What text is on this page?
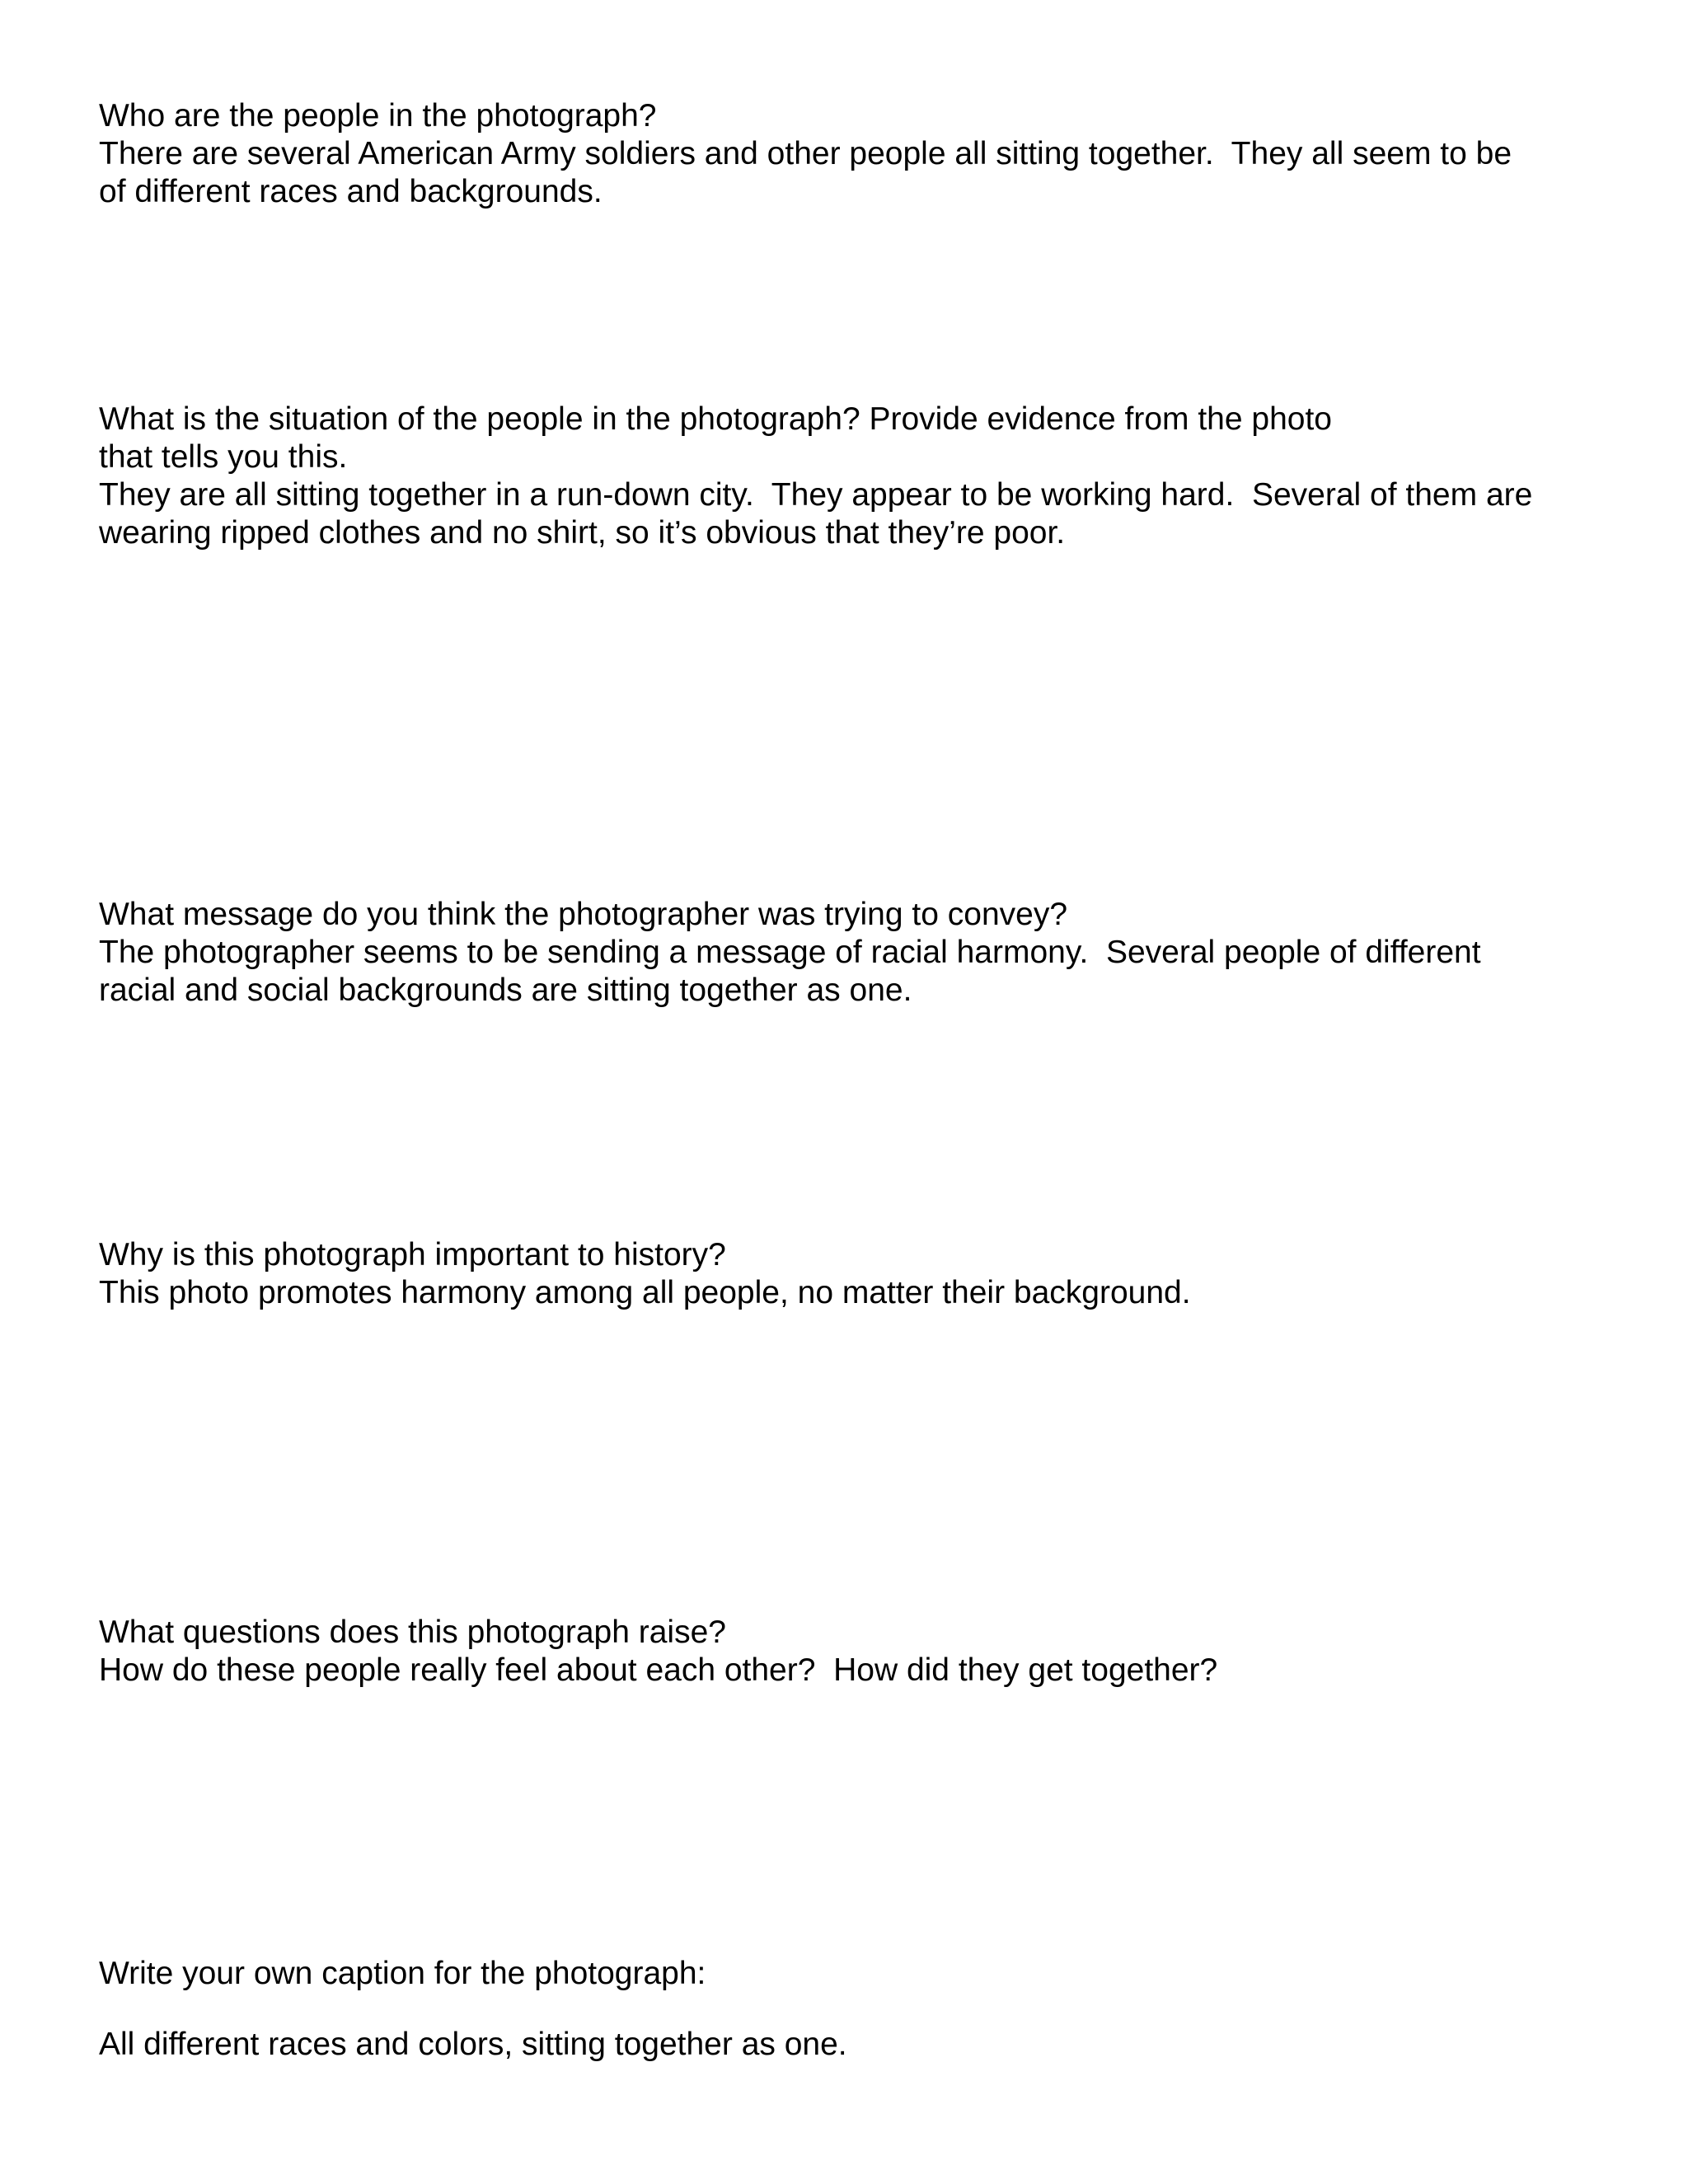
Who are the people in the photograph?
There are several American Army soldiers and other people all sitting together.  They all seem to be
of different races and backgrounds.
What is the situation of the people in the photograph? Provide evidence from the photo
that tells you this.
They are all sitting together in a run-down city.  They appear to be working hard.  Several of them are
wearing ripped clothes and no shirt, so it’s obvious that they’re poor.
What message do you think the photographer was trying to convey?
The photographer seems to be sending a message of racial harmony.  Several people of different
racial and social backgrounds are sitting together as one.
Why is this photograph important to history?
This photo promotes harmony among all people, no matter their background.
What questions does this photograph raise?
How do these people really feel about each other?  How did they get together?
Write your own caption for the photograph:
All different races and colors, sitting together as one.
